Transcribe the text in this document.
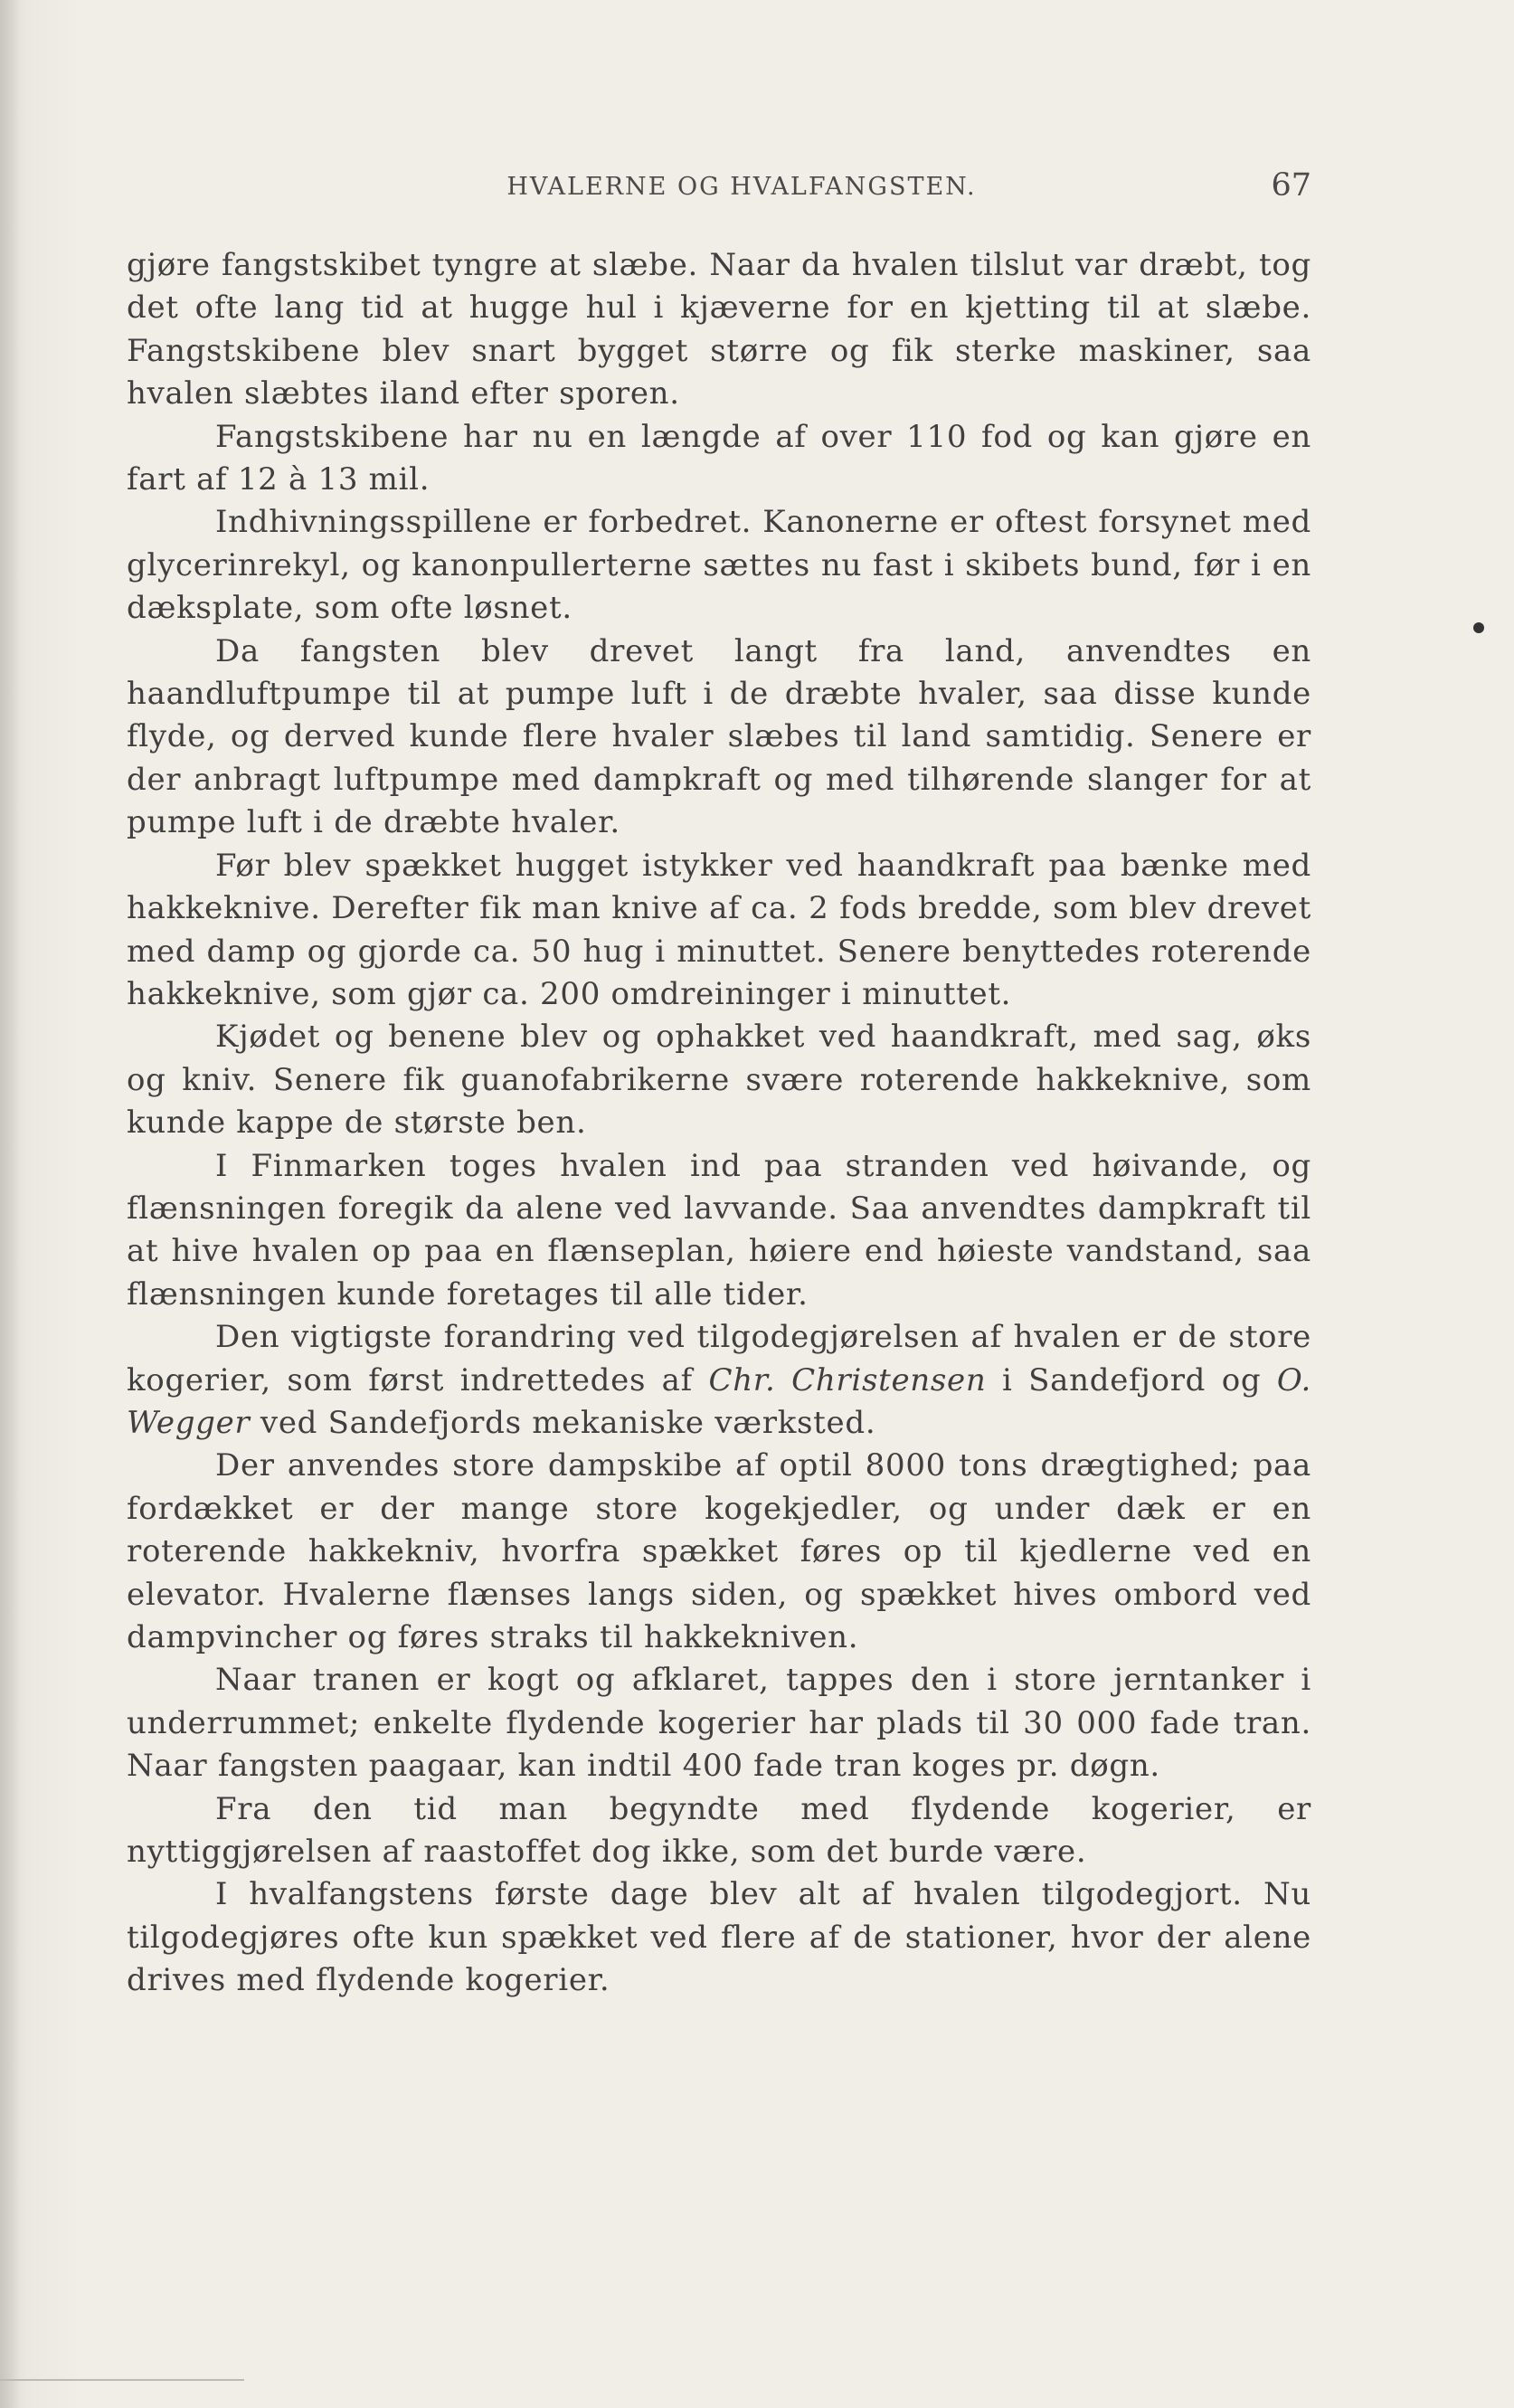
HVALERNE OG HVALFANGSTEN.	67

gjøre fangstskibet tyngre at slæbe. Naar da hvalen tilslut var dræbt, tog det ofte lang tid at hugge hul i kjæverne for en kjetting til at slæbe. Fangstskibene blev snart bygget større og fik sterke maskiner, saa hvalen slæbtes iland efter sporen.

Fangstskibene har nu en længde af over 110 fod og kan gjøre en fart af 12 à 13 mil.

Indhivningsspillene er forbedret. Kanonerne er oftest forsynet med glycerinrekyl, og kanonpullerterne sættes nu fast i skibets bund, før i en dæksplate, som ofte løsnet.

Da fangsten blev drevet langt fra land, anvendtes en haandluftpumpe til at pumpe luft i de dræbte hvaler, saa disse kunde flyde, og derved kunde flere hvaler slæbes til land samtidig. Senere er der anbragt luftpumpe med dampkraft og med tilhørende slanger for at pumpe luft i de dræbte hvaler.

Før blev spækket hugget istykker ved haandkraft paa bænke med hakkeknive. Derefter fik man knive af ca. 2 fods bredde, som blev drevet med damp og gjorde ca. 50 hug i minuttet. Senere benyttedes roterende hakkeknive, som gjør ca. 200 omdreininger i minuttet.

Kjødet og benene blev og ophakket ved haandkraft, med sag, øks og kniv. Senere fik guanofabrikerne svære roterende hakkeknive, som kunde kappe de største ben.

I Finmarken toges hvalen ind paa stranden ved høivande, og flænsningen foregik da alene ved lavvande. Saa anvendtes dampkraft til at hive hvalen op paa en flænseplan, høiere end høieste vandstand, saa flænsningen kunde foretages til alle tider.

Den vigtigste forandring ved tilgodegjørelsen af hvalen er de store kogerier, som først indrettedes af Chr. Christensen i Sandefjord og O. Wegger ved Sandefjords mekaniske værksted.

Der anvendes store dampskibe af optil 8000 tons drægtighed; paa fordækket er der mange store kogekjedler, og under dæk er en roterende hakkekniv, hvorfra spækket føres op til kjedlerne ved en elevator. Hvalerne flænses langs siden, og spækket hives ombord ved dampvincher og føres straks til hakkekniven.

Naar tranen er kogt og afklaret, tappes den i store jerntanker i underrummet; enkelte flydende kogerier har plads til 30 000 fade tran. Naar fangsten paagaar, kan indtil 400 fade tran koges pr. døgn.

Fra den tid man begyndte med flydende kogerier, er nyttiggjørelsen af raastoffet dog ikke, som det burde være.

I hvalfangstens første dage blev alt af hvalen tilgodegjort. Nu tilgodegjøres ofte kun spækket ved flere af de stationer, hvor der alene drives med flydende kogerier.
